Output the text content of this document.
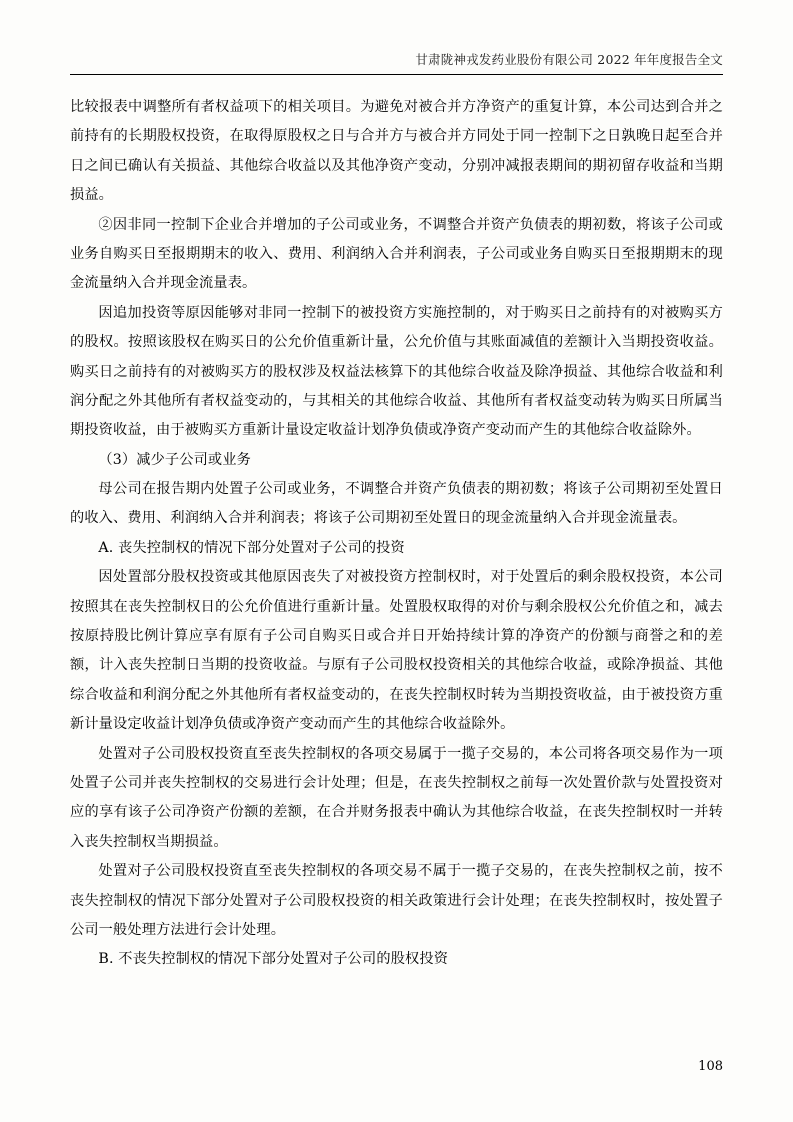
甘肃陇神戎发药业股份有限公司 2022 年年度报告全文

比较报表中调整所有者权益项下的相关项目。为避免对被合并方净资产的重复计算，本公司达到合并之前持有的长期股权投资，在取得原股权之日与合并方与被合并方同处于同一控制下之日孰晚日起至合并日之间已确认有关损益、其他综合收益以及其他净资产变动，分别冲减报表期间的期初留存收益和当期损益。

②因非同一控制下企业合并增加的子公司或业务，不调整合并资产负债表的期初数，将该子公司或业务自购买日至报期期末的收入、费用、利润纳入合并利润表，子公司或业务自购买日至报期期末的现金流量纳入合并现金流量表。

因追加投资等原因能够对非同一控制下的被投资方实施控制的，对于购买日之前持有的对被购买方的股权。按照该股权在购买日的公允价值重新计量，公允价值与其账面减值的差额计入当期投资收益。购买日之前持有的对被购买方的股权涉及权益法核算下的其他综合收益及除净损益、其他综合收益和利润分配之外其他所有者权益变动的，与其相关的其他综合收益、其他所有者权益变动转为购买日所属当期投资收益，由于被购买方重新计量设定收益计划净负债或净资产变动而产生的其他综合收益除外。

（3）减少子公司或业务

母公司在报告期内处置子公司或业务，不调整合并资产负债表的期初数；将该子公司期初至处置日的收入、费用、利润纳入合并利润表；将该子公司期初至处置日的现金流量纳入合并现金流量表。

A. 丧失控制权的情况下部分处置对子公司的投资

因处置部分股权投资或其他原因丧失了对被投资方控制权时，对于处置后的剩余股权投资，本公司按照其在丧失控制权日的公允价值进行重新计量。处置股权取得的对价与剩余股权公允价值之和，减去按原持股比例计算应享有原有子公司自购买日或合并日开始持续计算的净资产的份额与商誉之和的差额，计入丧失控制日当期的投资收益。与原有子公司股权投资相关的其他综合收益，或除净损益、其他综合收益和利润分配之外其他所有者权益变动的，在丧失控制权时转为当期投资收益，由于被投资方重新计量设定收益计划净负债或净资产变动而产生的其他综合收益除外。

处置对子公司股权投资直至丧失控制权的各项交易属于一揽子交易的，本公司将各项交易作为一项处置子公司并丧失控制权的交易进行会计处理；但是，在丧失控制权之前每一次处置价款与处置投资对应的享有该子公司净资产份额的差额，在合并财务报表中确认为其他综合收益，在丧失控制权时一并转入丧失控制权当期损益。

处置对子公司股权投资直至丧失控制权的各项交易不属于一揽子交易的，在丧失控制权之前，按不丧失控制权的情况下部分处置对子公司股权投资的相关政策进行会计处理；在丧失控制权时，按处置子公司一般处理方法进行会计处理。

B. 不丧失控制权的情况下部分处置对子公司的股权投资

108
